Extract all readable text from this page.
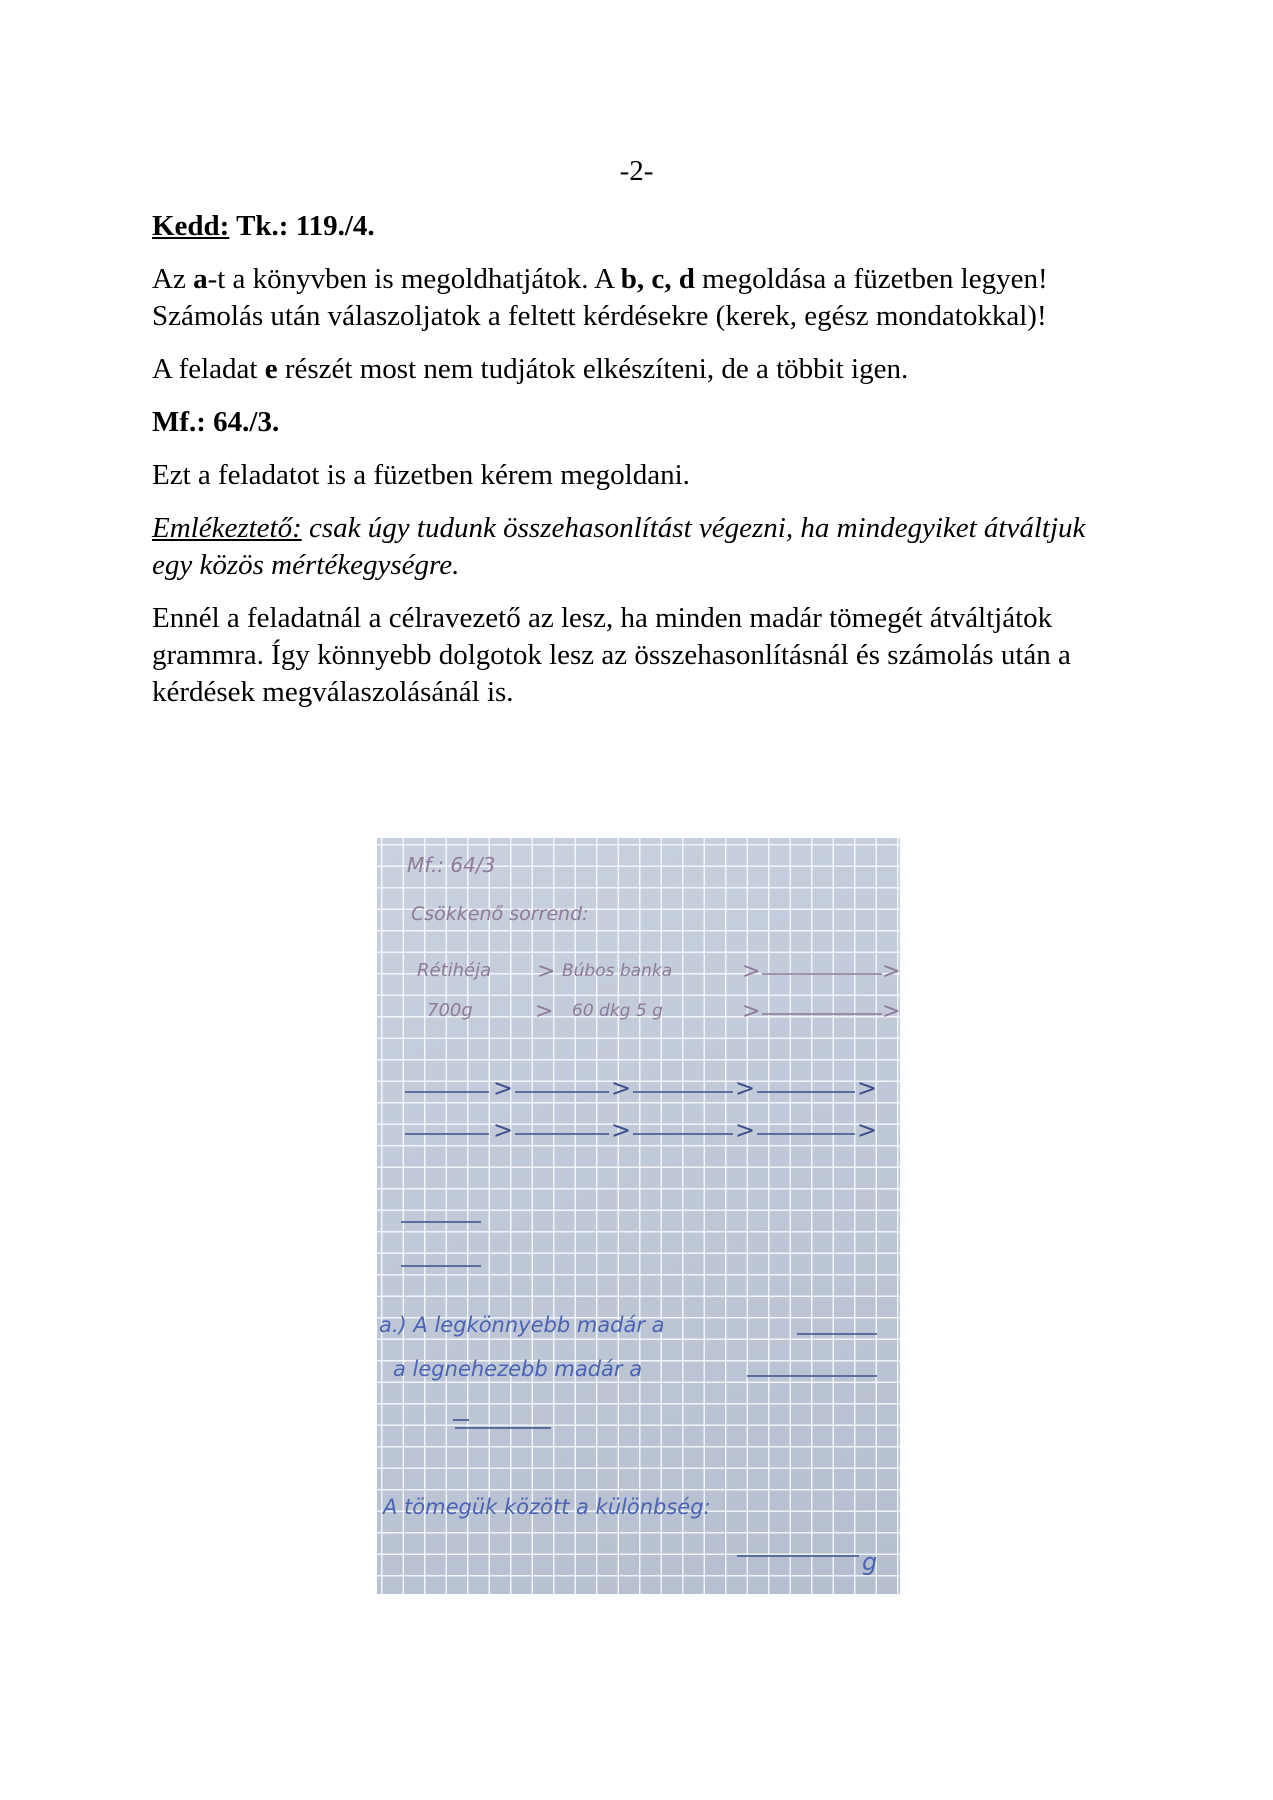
-2-

Kedd: Tk.: 119./4.

Az a-t a könyvben is megoldhatjátok. A b, c, d megoldása a füzetben legyen! Számolás után válaszoljatok a feltett kérdésekre (kerek, egész mondatokkal)!

A feladat e részét most nem tudjátok elkészíteni, de a többit igen.

Mf.: 64./3.

Ezt a feladatot is a füzetben kérem megoldani.

Emlékeztető: csak úgy tudunk összehasonlítást végezni, ha mindegyiket átváltjuk egy közös mértékegységre.

Ennél a feladatnál a célravezető az lesz, ha minden madár tömegét átváltjátok grammra. Így könnyebb dolgotok lesz az összehasonlításnál és számolás után a kérdések megválaszolásánál is.

Mf.: 64/3
Csökkenő sorrend:
Rétihéja > Búbos banka	>	>
700g	> 60 dkg 5 g	>	>
>	>	>	>
>	>	>	>
a.) A legkönnyebb madár a
a legnehezebb madár a
A tömegük között a különbség:
g
